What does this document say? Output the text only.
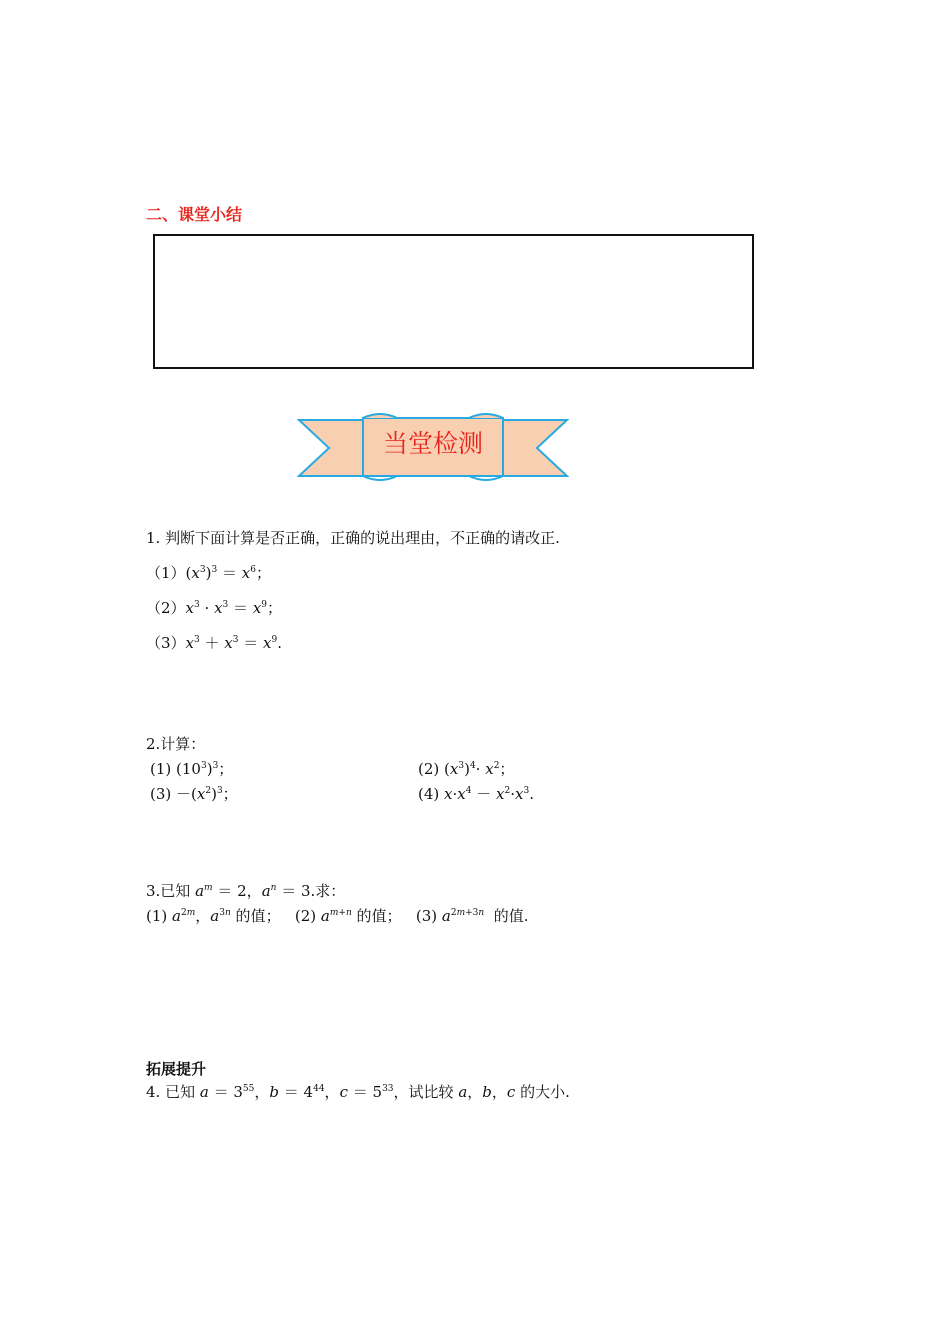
二、课堂小结
当堂检测
1. 判断下面计算是否正确，正确的说出理由，不正确的请改正.
$(1)(x^3)^3 = x^6$；
$(2)x^3 \cdot x^3 = x^9$；
$(3)x^3 + x^3 = x^9$.
2.计算：
(1) $(10^3)^3$；	(2) $(x^3)^4\cdot x^2$；
$(3) -(x^2)^3$；	(4) $x\cdot x^4 - x^2\cdot x^3$.
3.已知 $a^m = 2$，$a^n = 3$.求：
(1) $a^{2m}$，$a^{3n}$ 的值；   (2) $a^{m+n}$ 的值；   (3) $a^{2m+3n}$ 的值.
拓展提升
4. 已知 $a = 3^{55}$，$b = 4^{44}$，$c = 5^{33}$，试比较 a，b，c 的大小.
